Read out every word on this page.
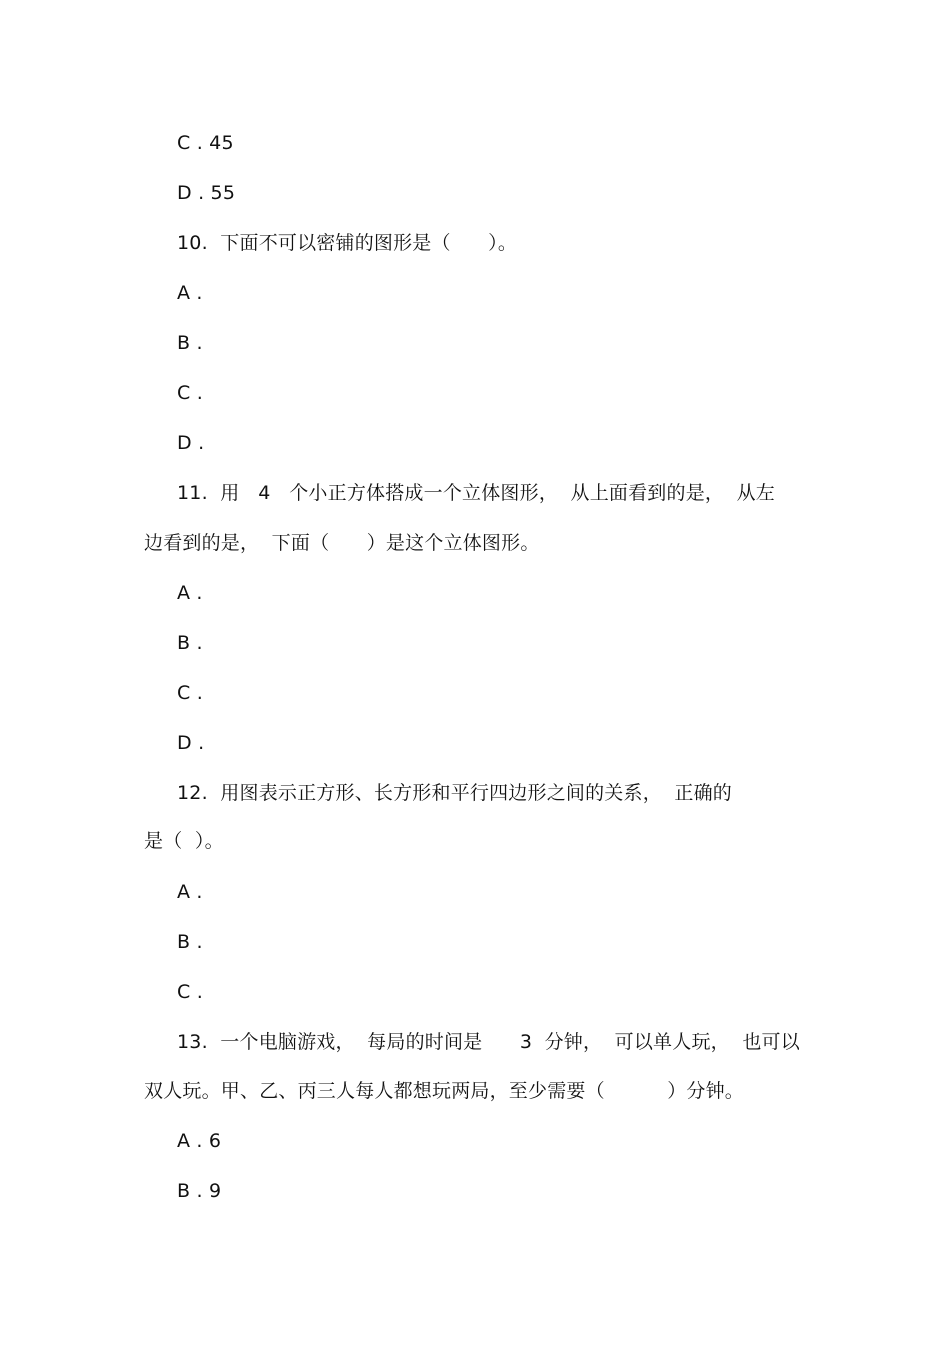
C . 45
D . 55
10.  下面不可以密铺的图形是（      ）。
A .
B .
C .
D .
11.  用   4   个小正方体搭成一个立体图形，  从上面看到的是，  从左
边看到的是，  下面（      ）是这个立体图形。
A .
B .
C .
D .
12.  用图表示正方形、长方形和平行四边形之间的关系，  正确的
是（  ）。
A .
B .
C .
13.  一个电脑游戏，  每局的时间是      3  分钟，  可以单人玩，  也可以
双人玩。甲、乙、丙三人每人都想玩两局，至少需要（          ）分钟。
A . 6
B . 9
